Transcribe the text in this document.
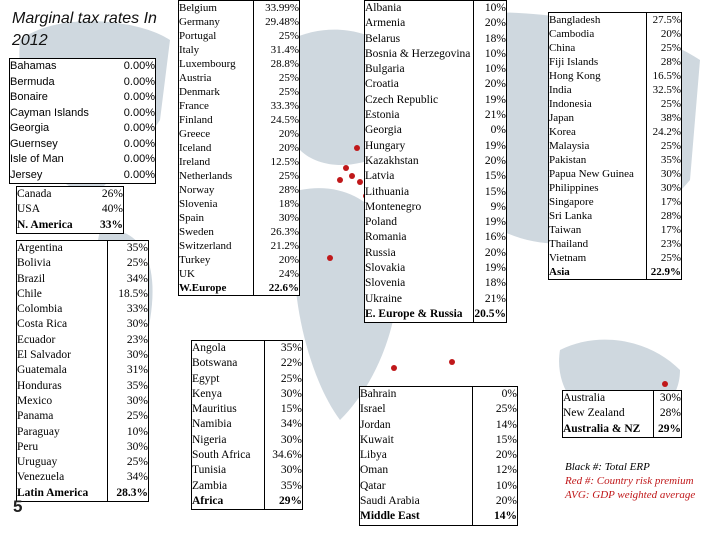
Marginal tax rates In 2012
Bahamas	0.00%
Bermuda	0.00%
Bonaire	0.00%
Cayman Islands	0.00%
Georgia	0.00%
Guernsey	0.00%
Isle of Man	0.00%
Jersey	0.00%
Canada	26%
USA	40%
N. America	33%
Argentina	35%
Bolivia	25%
Brazil	34%
Chile	18.5%
Colombia	33%
Costa Rica	30%
Ecuador	23%
El Salvador	30%
Guatemala	31%
Honduras	35%
Mexico	30%
Panama	25%
Paraguay	10%
Peru	30%
Uruguay	25%
Venezuela	34%
Latin America	28.3%
Belgium	33.99%
Germany	29.48%
Portugal	25%
Italy	31.4%
Luxembourg	28.8%
Austria	25%
Denmark	25%
France	33.3%
Finland	24.5%
Greece	20%
Iceland	20%
Ireland	12.5%
Netherlands	25%
Norway	28%
Slovenia	18%
Spain	30%
Sweden	26.3%
Switzerland	21.2%
Turkey	20%
UK	24%
W.Europe	22.6%
Angola	35%
Botswana	22%
Egypt	25%
Kenya	30%
Mauritius	15%
Namibia	34%
Nigeria	30%
South Africa	34.6%
Tunisia	30%
Zambia	35%
Africa	29%
Albania	10%
Armenia	20%
Belarus	18%
Bosnia & Herzegovina	10%
Bulgaria	10%
Croatia	20%
Czech Republic	19%
Estonia	21%
Georgia	0%
Hungary	19%
Kazakhstan	20%
Latvia	15%
Lithuania	15%
Montenegro	9%
Poland	19%
Romania	16%
Russia	20%
Slovakia	19%
Slovenia	18%
Ukraine	21%
E. Europe & Russia	20.5%
Bahrain	0%
Israel	25%
Jordan	14%
Kuwait	15%
Libya	20%
Oman	12%
Qatar	10%
Saudi Arabia	20%
Middle East	14%
Bangladesh	27.5%
Cambodia	20%
China	25%
Fiji Islands	28%
Hong Kong	16.5%
India	32.5%
Indonesia	25%
Japan	38%
Korea	24.2%
Malaysia	25%
Pakistan	35%
Papua New Guinea	30%
Philippines	30%
Singapore	17%
Sri Lanka	28%
Taiwan	17%
Thailand	23%
Vietnam	25%
Asia	22.9%
Australia	30%
New Zealand	28%
Australia & NZ	29%
Black #: Total ERP
Red #: Country risk premium
AVG: GDP weighted average
5
